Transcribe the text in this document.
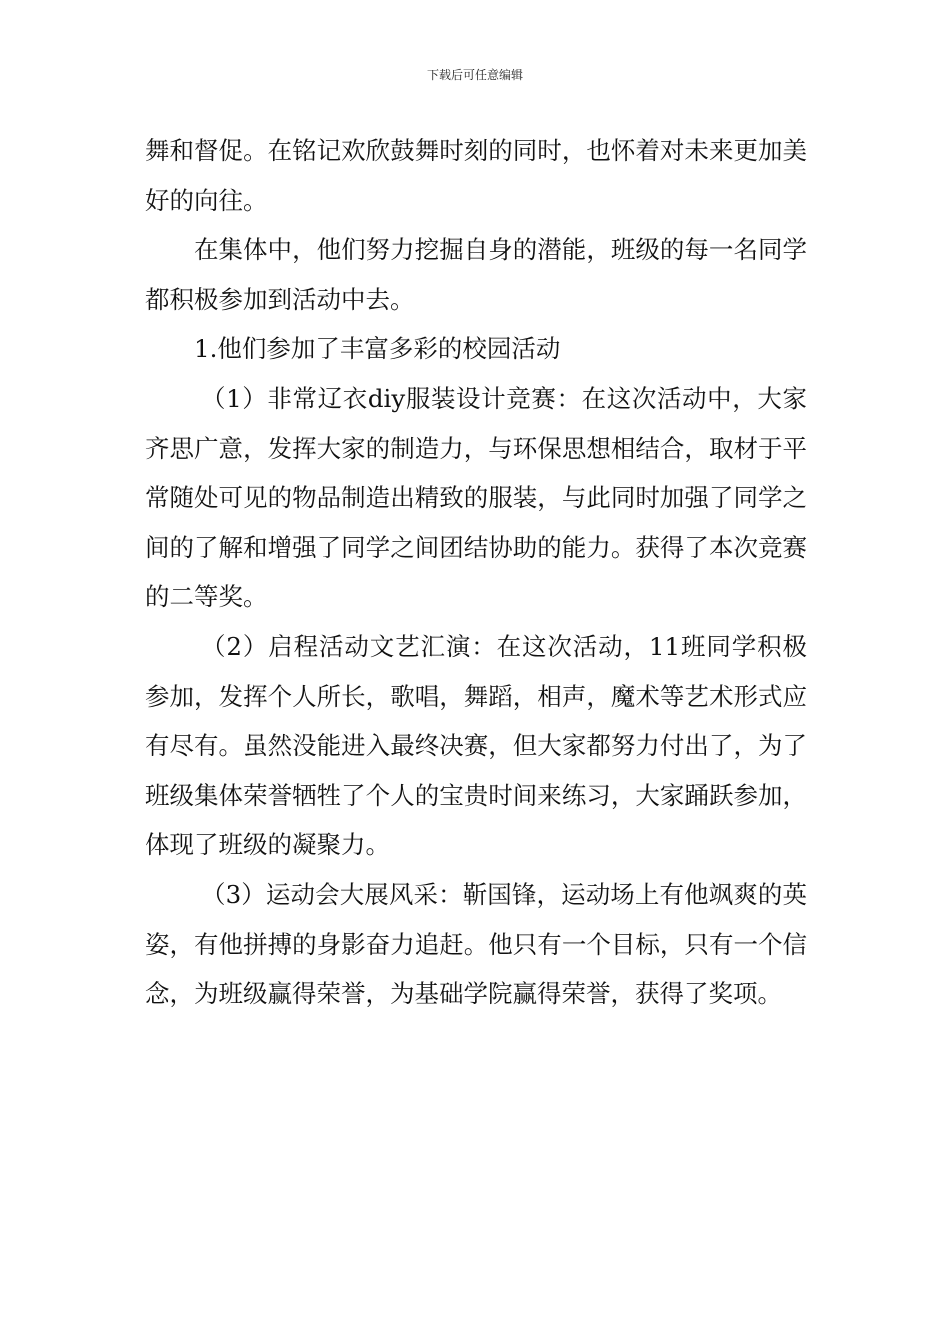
下载后可任意编辑

舞和督促。在铭记欢欣鼓舞时刻的同时，也怀着对未来更加美好的向往。

在集体中，他们努力挖掘自身的潜能，班级的每一名同学都积极参加到活动中去。

1.他们参加了丰富多彩的校园活动

（1）非常辽衣diy服装设计竞赛：在这次活动中，大家齐思广意，发挥大家的制造力，与环保思想相结合，取材于平常随处可见的物品制造出精致的服装，与此同时加强了同学之间的了解和增强了同学之间团结协助的能力。获得了本次竞赛的二等奖。

（2）启程活动文艺汇演：在这次活动，11班同学积极参加，发挥个人所长，歌唱，舞蹈，相声，魔术等艺术形式应有尽有。虽然没能进入最终决赛，但大家都努力付出了，为了班级集体荣誉牺牲了个人的宝贵时间来练习，大家踊跃参加，体现了班级的凝聚力。

（3）运动会大展风采：靳国锋，运动场上有他飒爽的英姿，有他拼搏的身影奋力追赶。他只有一个目标，只有一个信念，为班级赢得荣誉，为基础学院赢得荣誉，获得了奖项。
